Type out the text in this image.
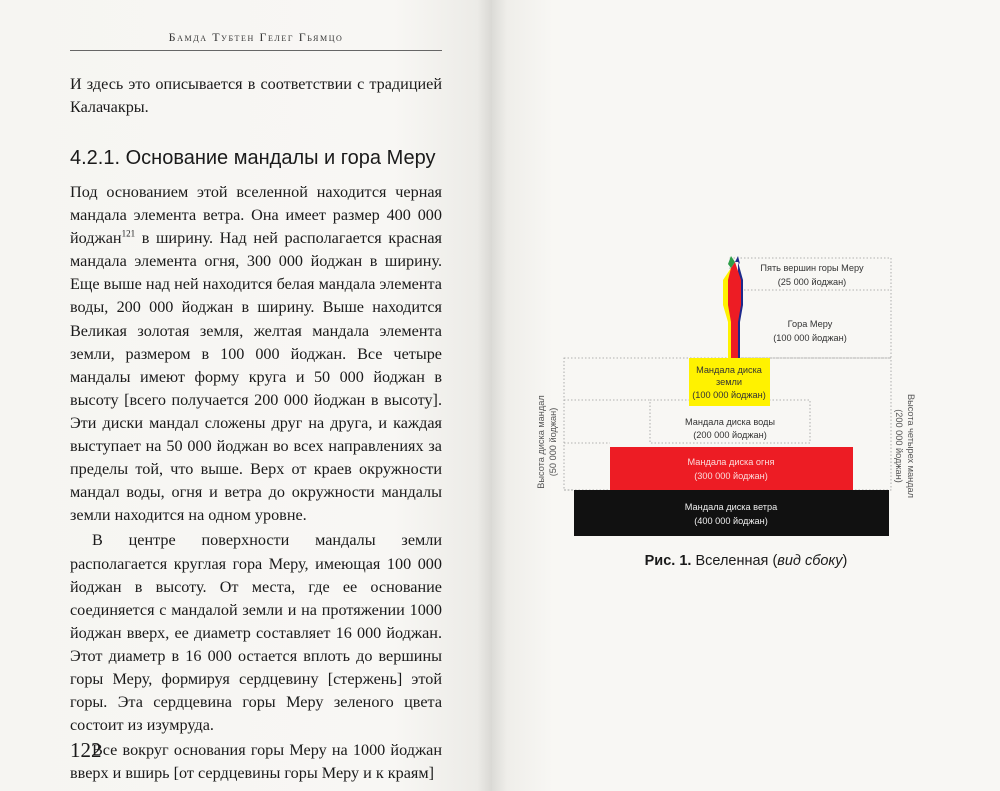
Бамда Тубтен Гелег Гьямцо
И здесь это описывается в соответствии с традицией Калачакры.
4.2.1. Основание мандалы и гора Меру

Под основанием этой вселенной находится черная мандала элемента ветра. Она имеет размер 400 000 йоджан$^{121}$ в ширину. Над ней располагается красная мандала элемента огня, 300 000 йоджан в ширину. Еще выше над ней находится белая мандала элемента воды, 200 000 йоджан в ширину. Выше находится Великая золотая земля, желтая мандала элемента земли, размером в 100 000 йоджан. Все четыре мандалы имеют форму круга и 50 000 йоджан в высоту [всего получается 200 000 йоджан в высоту]. Эти диски мандал сложены друг на друга, и каждая выступает на 50 000 йоджан во всех направлениях за пределы той, что выше. Верх от краев окружности мандал воды, огня и ветра до окружности мандалы земли находится на одном уровне.

В центре поверхности мандалы земли располагается круглая гора Меру, имеющая 100 000 йоджан в высоту. От места, где ее основание соединяется с мандалой земли и на протяжении 1000 йоджан вверх, ее диаметр составляет 16 000 йоджан. Этот диаметр в 16 000 остается вплоть до вершины горы Меру, формируя сердцевину [стержень] этой горы. Эта сердцевина горы Меру зеленого цвета состоит из изумруда.

Все вокруг основания горы Меру на 1000 йоджан вверх и вширь [от сердцевины горы Меру и к краям]

122
Пять вершин горы Меру
(25 000 йоджан)
Гора Меру
(100 000 йоджан)
Мандала диска
земли
(100 000 йоджан)
Мандала диска воды
(200 000 йоджан)
Мандала диска огня
(300 000 йоджан)
Мандала диска ветра
(400 000 йоджан)
Высота диска мандал (50 000 йоджан)	Высота четырех мандал
(200 000 йоджан)
Рис. 1. Вселенная (вид сбоку)
